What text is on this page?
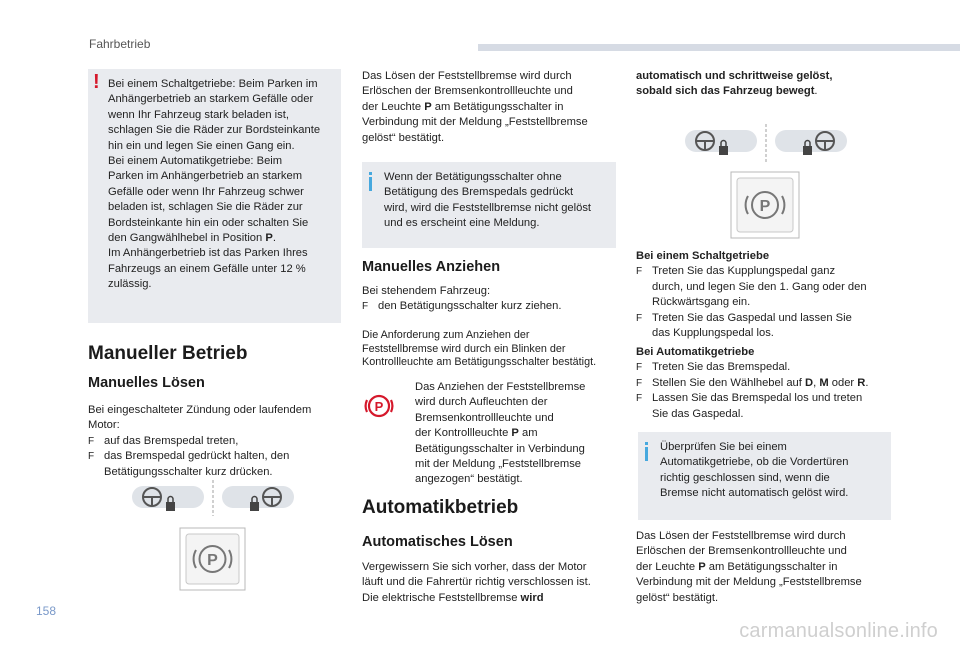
Fahrbetrieb
! Bei einem Schaltgetriebe: Beim Parken im
Anhängerbetrieb an starkem Gefälle oder
wenn Ihr Fahrzeug stark beladen ist,
schlagen Sie die Räder zur Bordsteinkante
hin ein und legen Sie einen Gang ein.
Bei einem Automatikgetriebe: Beim
Parken im Anhängerbetrieb an starkem
Gefälle oder wenn Ihr Fahrzeug schwer
beladen ist, schlagen Sie die Räder zur
Bordsteinkante hin ein oder schalten Sie
den Gangwählhebel in Position P.
Im Anhängerbetrieb ist das Parken Ihres
Fahrzeugs an einem Gefälle unter 12 %
zulässig.
Manueller Betrieb
Manuelles Lösen
Bei eingeschalteter Zündung oder laufendem
Motor:
F auf das Bremspedal treten,
F das Bremspedal gedrückt halten, den
Betätigungsschalter kurz drücken.
P
Das Lösen der Feststellbremse wird durch
Erlöschen der Bremsenkontrollleuchte und
der Leuchte P am Betätigungsschalter in
Verbindung mit der Meldung „Feststellbremse
gelöst“ bestätigt.
Wenn der Betätigungsschalter ohne
Betätigung des Bremspedals gedrückt
wird, wird die Feststellbremse nicht gelöst
und es erscheint eine Meldung.
Manuelles Anziehen
Bei stehendem Fahrzeug:
F den Betätigungsschalter kurz ziehen.
Die Anforderung zum Anziehen der
Feststellbremse wird durch ein Blinken der
Kontrollleuchte am Betätigungsschalter bestätigt.
P
Das Anziehen der Feststellbremse
wird durch Aufleuchten der
Bremsenkontrollleuchte und
der Kontrollleuchte P am
Betätigungsschalter in Verbindung
mit der Meldung „Feststellbremse
angezogen“ bestätigt.
Automatikbetrieb
Automatisches Lösen
Vergewissern Sie sich vorher, dass der Motor
läuft und die Fahrertür richtig verschlossen ist.
Die elektrische Feststellbremse wird
automatisch und schrittweise gelöst,
sobald sich das Fahrzeug bewegt.
P
Bei einem Schaltgetriebe
F Treten Sie das Kupplungspedal ganz
durch, und legen Sie den 1. Gang oder den
Rückwärtsgang ein.
F Treten Sie das Gaspedal und lassen Sie
das Kupplungspedal los.
Bei Automatikgetriebe
F Treten Sie das Bremspedal.
F Stellen Sie den Wählhebel auf D, M oder R.
F Lassen Sie das Bremspedal los und treten
Sie das Gaspedal.
Überprüfen Sie bei einem
Automatikgetriebe, ob die Vordertüren
richtig geschlossen sind, wenn die
Bremse nicht automatisch gelöst wird.
Das Lösen der Feststellbremse wird durch
Erlöschen der Bremsenkontrollleuchte und
der Leuchte P am Betätigungsschalter in
Verbindung mit der Meldung „Feststellbremse
gelöst“ bestätigt.
158
carmanualsonline.info
